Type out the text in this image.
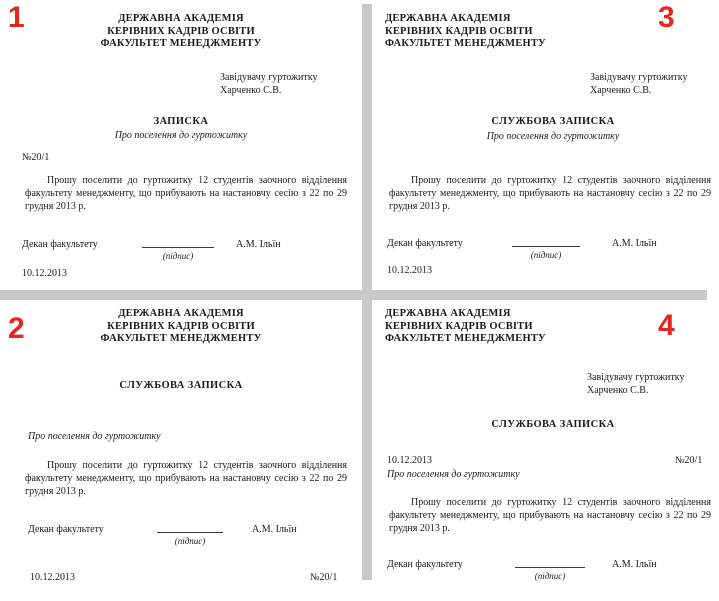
1	ДЕРЖАВНА АКАДЕМІЯ
КЕРІВНИХ КАДРІВ ОСВІТИ
ФАКУЛЬТЕТ МЕНЕДЖМЕНТУ
Завідувачу гуртожитку
Харченко С.В.
ЗАПИСКА
Про поселення до гуртожитку
№20/1

Прошу поселити до гуртожитку 12 студентів заочного відділення факультету менеджменту, що прибувають на настановчу сесію з 22 по 29 грудня 2013 р.

Декан факультету
(підпис)
А.М. Ільїн
10.12.2013
3
ДЕРЖАВНА АКАДЕМІЯ
КЕРІВНИХ КАДРІВ ОСВІТИ
ФАКУЛЬТЕТ МЕНЕДЖМЕНТУ
Завідувачу гуртожитку
Харченко С.В.
СЛУЖБОВА ЗАПИСКА
Про поселення до гуртожитку

Прошу поселити до гуртожитку 12 студентів заочного відділення факультету менеджменту, що прибувають на настановчу сесію з 22 по 29 грудня 2013 р.

Декан факультету
(підпис)
А.М. Ільїн
10.12.2013
2	ДЕРЖАВНА АКАДЕМІЯ
КЕРІВНИХ КАДРІВ ОСВІТИ
ФАКУЛЬТЕТ МЕНЕДЖМЕНТУ
СЛУЖБОВА ЗАПИСКА
Про поселення до гуртожитку

Прошу поселити до гуртожитку 12 студентів заочного відділення факультету менеджменту, що прибувають на настановчу сесію з 22 по 29 грудня 2013 р.

Декан факультету
(підпис)
А.М. Ільїн
10.12.2013	№20/1
4
ДЕРЖАВНА АКАДЕМІЯ
КЕРІВНИХ КАДРІВ ОСВІТИ
ФАКУЛЬТЕТ МЕНЕДЖМЕНТУ
Завідувачу гуртожитку
Харченко С.В.
СЛУЖБОВА ЗАПИСКА
10.12.2013	№20/1
Про поселення до гуртожитку

Прошу поселити до гуртожитку 12 студентів заочного відділення факультету менеджменту, що прибувають на настановчу сесію з 22 по 29 грудня 2013 р.

Декан факультету
(підпис)
А.М. Ільїн
